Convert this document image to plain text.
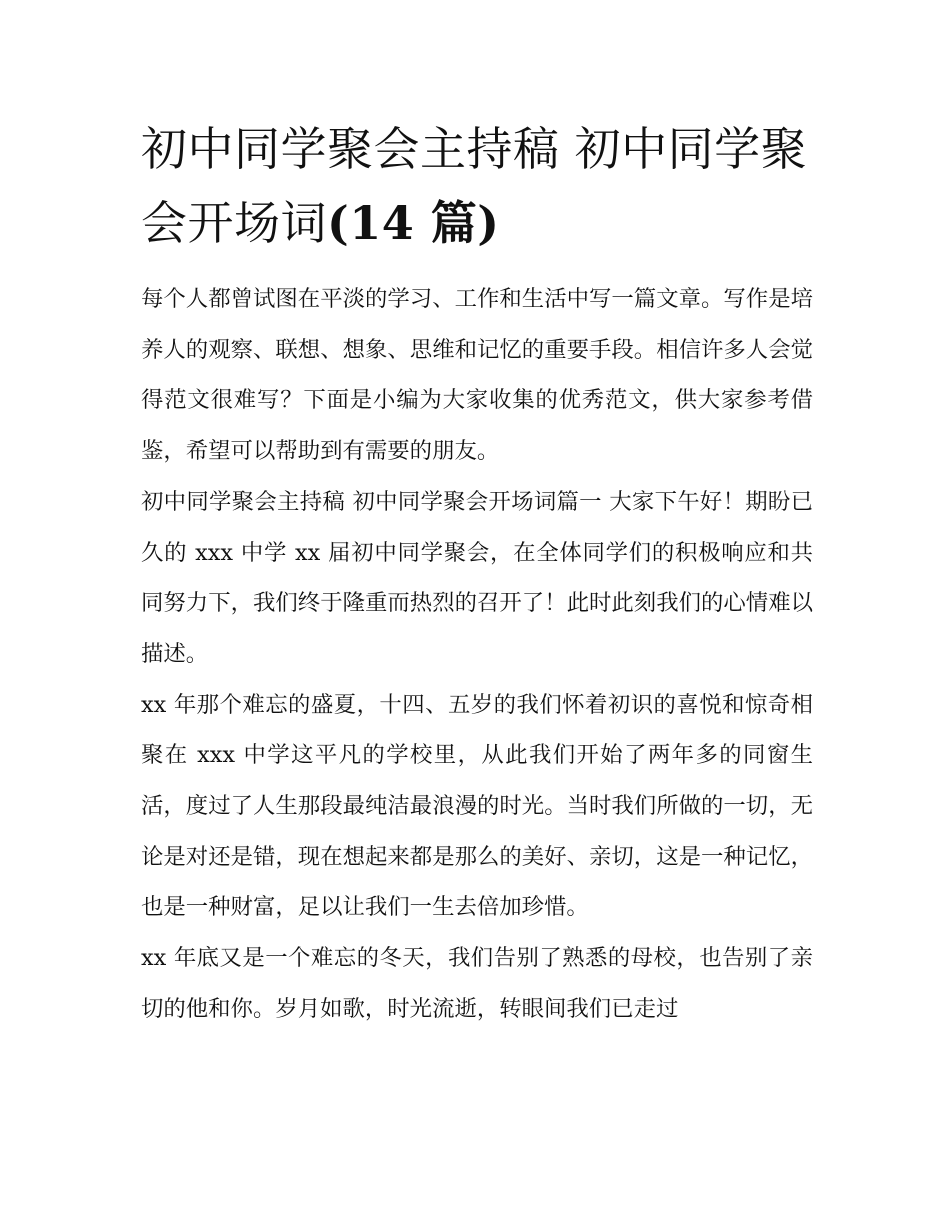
初中同学聚会主持稿 初中同学聚会开场词(14 篇)

每个人都曾试图在平淡的学习、工作和生活中写一篇文章。写作是培养人的观察、联想、想象、思维和记忆的重要手段。相信许多人会觉得范文很难写？下面是小编为大家收集的优秀范文，供大家参考借鉴，希望可以帮助到有需要的朋友。

初中同学聚会主持稿 初中同学聚会开场词篇一 大家下午好！期盼已久的 xxx 中学 xx 届初中同学聚会，在全体同学们的积极响应和共同努力下，我们终于隆重而热烈的召开了！此时此刻我们的心情难以描述。

xx 年那个难忘的盛夏，十四、五岁的我们怀着初识的喜悦和惊奇相聚在 xxx 中学这平凡的学校里，从此我们开始了两年多的同窗生活，度过了人生那段最纯洁最浪漫的时光。当时我们所做的一切，无论是对还是错，现在想起来都是那么的美好、亲切，这是一种记忆，也是一种财富，足以让我们一生去倍加珍惜。

xx 年底又是一个难忘的冬天，我们告别了熟悉的母校，也告别了亲切的他和你。岁月如歌，时光流逝，转眼间我们已走过
